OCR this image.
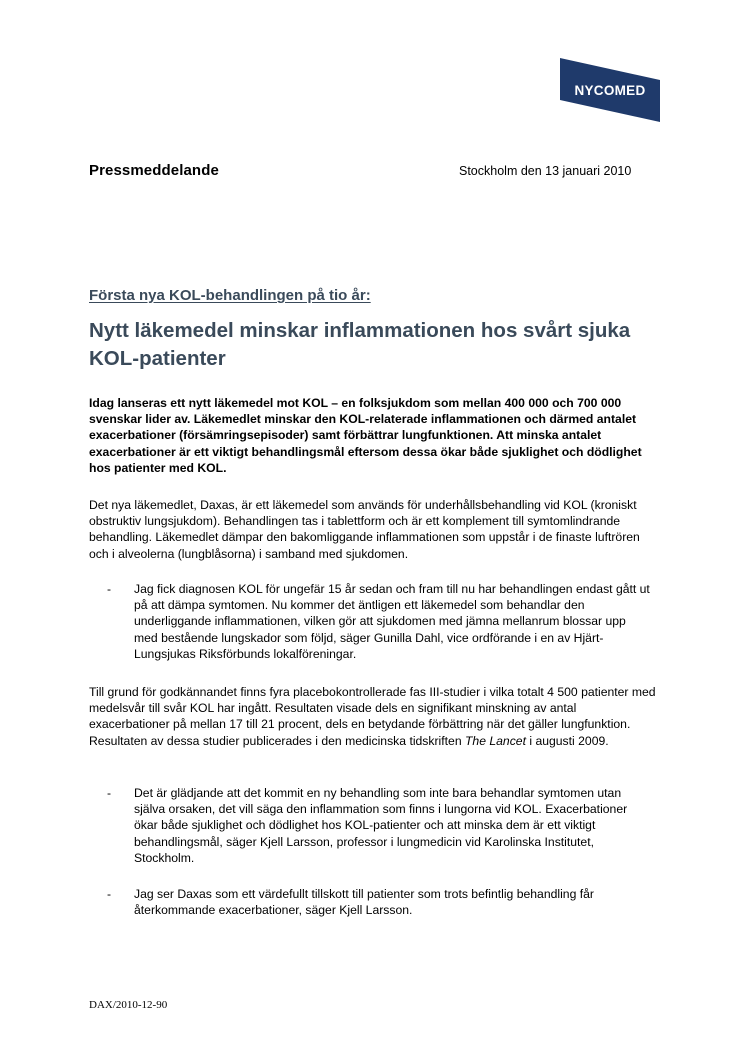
NYCOMED
Pressmeddelande	Stockholm den 13 januari 2010
Första nya KOL-behandlingen på tio år:
Nytt läkemedel minskar inflammationen hos svårt sjuka KOL-patienter
Idag lanseras ett nytt läkemedel mot KOL – en folksjukdom som mellan 400 000 och 700 000 svenskar lider av. Läkemedlet minskar den KOL-relaterade inflammationen och därmed antalet exacerbationer (försämringsepisoder) samt förbättrar lungfunktionen. Att minska antalet exacerbationer är ett viktigt behandlingsmål eftersom dessa ökar både sjuklighet och dödlighet hos patienter med KOL.
Det nya läkemedlet, Daxas, är ett läkemedel som används för underhållsbehandling vid KOL (kroniskt obstruktiv lungsjukdom). Behandlingen tas i tablettform och är ett komplement till symtomlindrande behandling. Läkemedlet dämpar den bakomliggande inflammationen som uppstår i de finaste luftrören och i alveolerna (lungblåsorna) i samband med sjukdomen.
- Jag fick diagnosen KOL för ungefär 15 år sedan och fram till nu har behandlingen endast gått ut på att dämpa symtomen. Nu kommer det äntligen ett läkemedel som behandlar den underliggande inflammationen, vilken gör att sjukdomen med jämna mellanrum blossar upp med bestående lungskador som följd, säger Gunilla Dahl, vice ordförande i en av Hjärt-Lungsjukas Riksförbunds lokalföreningar.
Till grund för godkännandet finns fyra placebokontrollerade fas III-studier i vilka totalt 4 500 patienter med medelsvår till svår KOL har ingått. Resultaten visade dels en signifikant minskning av antal exacerbationer på mellan 17 till 21 procent, dels en betydande förbättring när det gäller lungfunktion. Resultaten av dessa studier publicerades i den medicinska tidskriften The Lancet i augusti 2009.
- Det är glädjande att det kommit en ny behandling som inte bara behandlar symtomen utan själva orsaken, det vill säga den inflammation som finns i lungorna vid KOL. Exacerbationer ökar både sjuklighet och dödlighet hos KOL-patienter och att minska dem är ett viktigt behandlingsmål, säger Kjell Larsson, professor i lungmedicin vid Karolinska Institutet, Stockholm.
- Jag ser Daxas som ett värdefullt tillskott till patienter som trots befintlig behandling får återkommande exacerbationer, säger Kjell Larsson.
DAX/2010-12-90
